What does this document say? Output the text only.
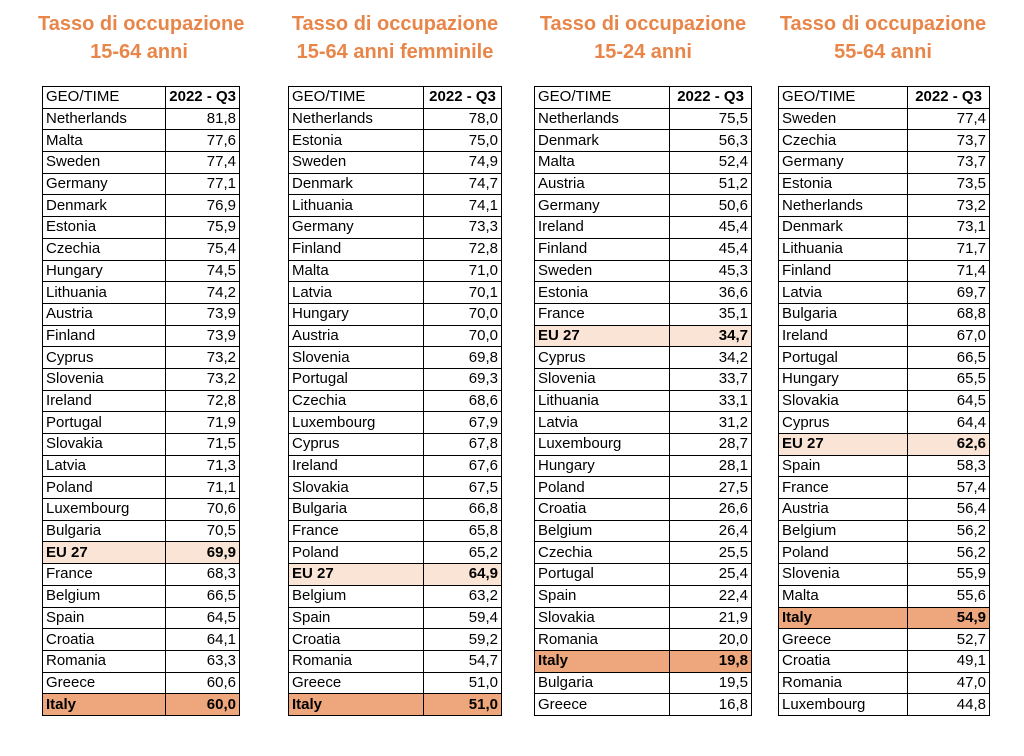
Tasso di occupazione
15-64 anni
GEO/TIME	2022 - Q3
Netherlands	81,8
Malta	77,6
Sweden	77,4
Germany	77,1
Denmark	76,9
Estonia	75,9
Czechia	75,4
Hungary	74,5
Lithuania	74,2
Austria	73,9
Finland	73,9
Cyprus	73,2
Slovenia	73,2
Ireland	72,8
Portugal	71,9
Slovakia	71,5
Latvia	71,3
Poland	71,1
Luxembourg	70,6
Bulgaria	70,5
EU 27	69,9
France	68,3
Belgium	66,5
Spain	64,5
Croatia	64,1
Romania	63,3
Greece	60,6
Italy	60,0
Tasso di occupazione
15-64 anni femminile
GEO/TIME	2022 - Q3
Netherlands	78,0
Estonia	75,0
Sweden	74,9
Denmark	74,7
Lithuania	74,1
Germany	73,3
Finland	72,8
Malta	71,0
Latvia	70,1
Hungary	70,0
Austria	70,0
Slovenia	69,8
Portugal	69,3
Czechia	68,6
Luxembourg	67,9
Cyprus	67,8
Ireland	67,6
Slovakia	67,5
Bulgaria	66,8
France	65,8
Poland	65,2
EU 27	64,9
Belgium	63,2
Spain	59,4
Croatia	59,2
Romania	54,7
Greece	51,0
Italy	51,0
Tasso di occupazione
15-24 anni
GEO/TIME	2022 - Q3
Netherlands	75,5
Denmark	56,3
Malta	52,4
Austria	51,2
Germany	50,6
Ireland	45,4
Finland	45,4
Sweden	45,3
Estonia	36,6
France	35,1
EU 27	34,7
Cyprus	34,2
Slovenia	33,7
Lithuania	33,1
Latvia	31,2
Luxembourg	28,7
Hungary	28,1
Poland	27,5
Croatia	26,6
Belgium	26,4
Czechia	25,5
Portugal	25,4
Spain	22,4
Slovakia	21,9
Romania	20,0
Italy	19,8
Bulgaria	19,5
Greece	16,8
Tasso di occupazione
55-64 anni
GEO/TIME	2022 - Q3
Sweden	77,4
Czechia	73,7
Germany	73,7
Estonia	73,5
Netherlands	73,2
Denmark	73,1
Lithuania	71,7
Finland	71,4
Latvia	69,7
Bulgaria	68,8
Ireland	67,0
Portugal	66,5
Hungary	65,5
Slovakia	64,5
Cyprus	64,4
EU 27	62,6
Spain	58,3
France	57,4
Austria	56,4
Belgium	56,2
Poland	56,2
Slovenia	55,9
Malta	55,6
Italy	54,9
Greece	52,7
Croatia	49,1
Romania	47,0
Luxembourg	44,8
